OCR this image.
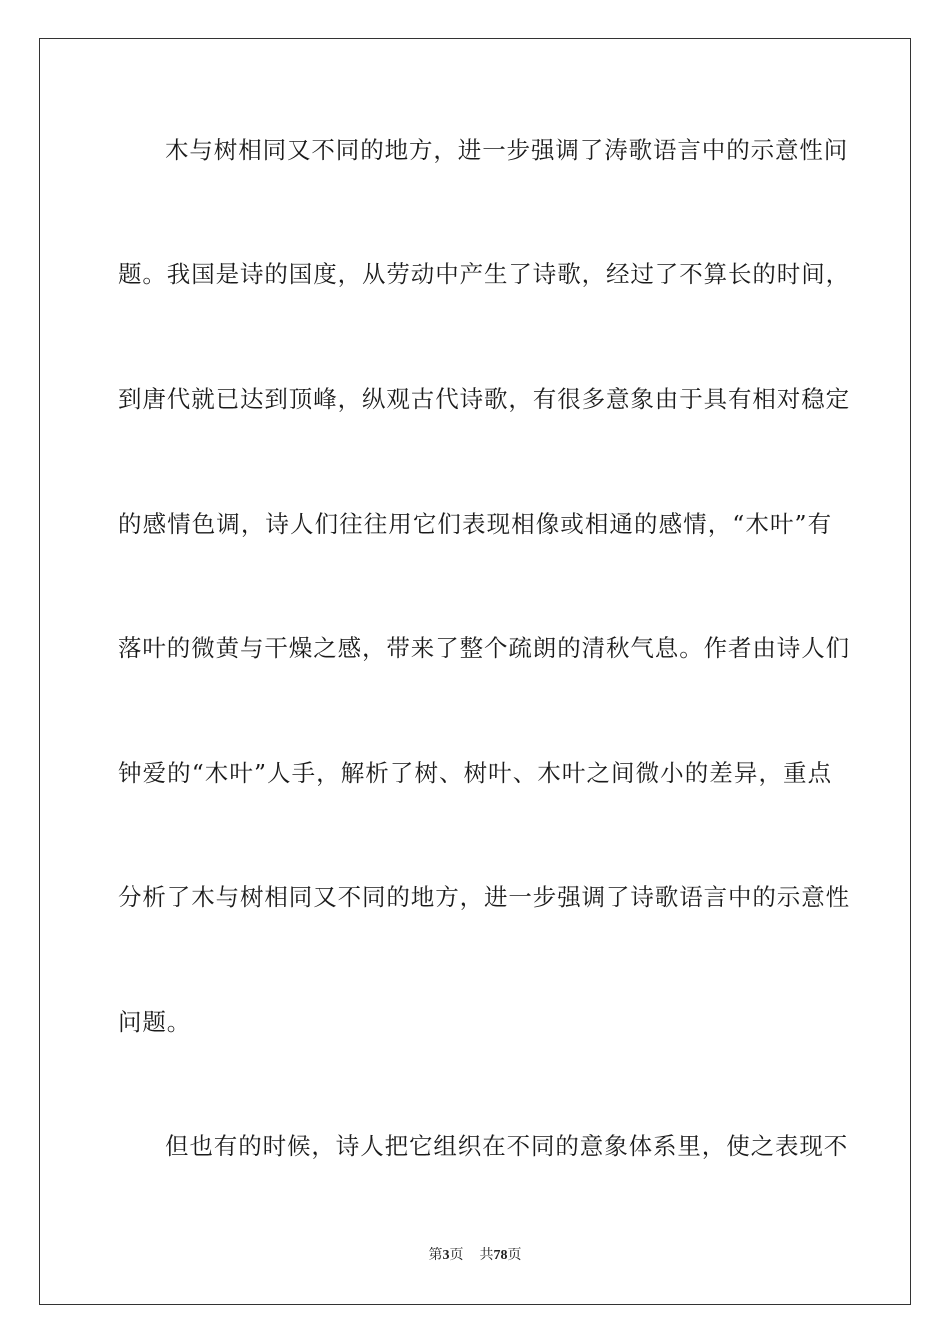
木与树相同又不同的地方，进一步强调了涛歌语言中的示意性问
题。我国是诗的国度，从劳动中产生了诗歌，经过了不算长的时间，
到唐代就已达到顶峰，纵观古代诗歌，有很多意象由于具有相对稳定
的感情色调，诗人们往往用它们表现相像或相通的感情，“木叶”有
落叶的微黄与干燥之感，带来了整个疏朗的清秋气息。作者由诗人们
钟爱的“木叶”人手，解析了树、树叶、木叶之间微小的差异，重点
分析了木与树相同又不同的地方，进一步强调了诗歌语言中的示意性
问题。
但也有的时候，诗人把它组织在不同的意象体系里，使之表现不
第3页 共78页
